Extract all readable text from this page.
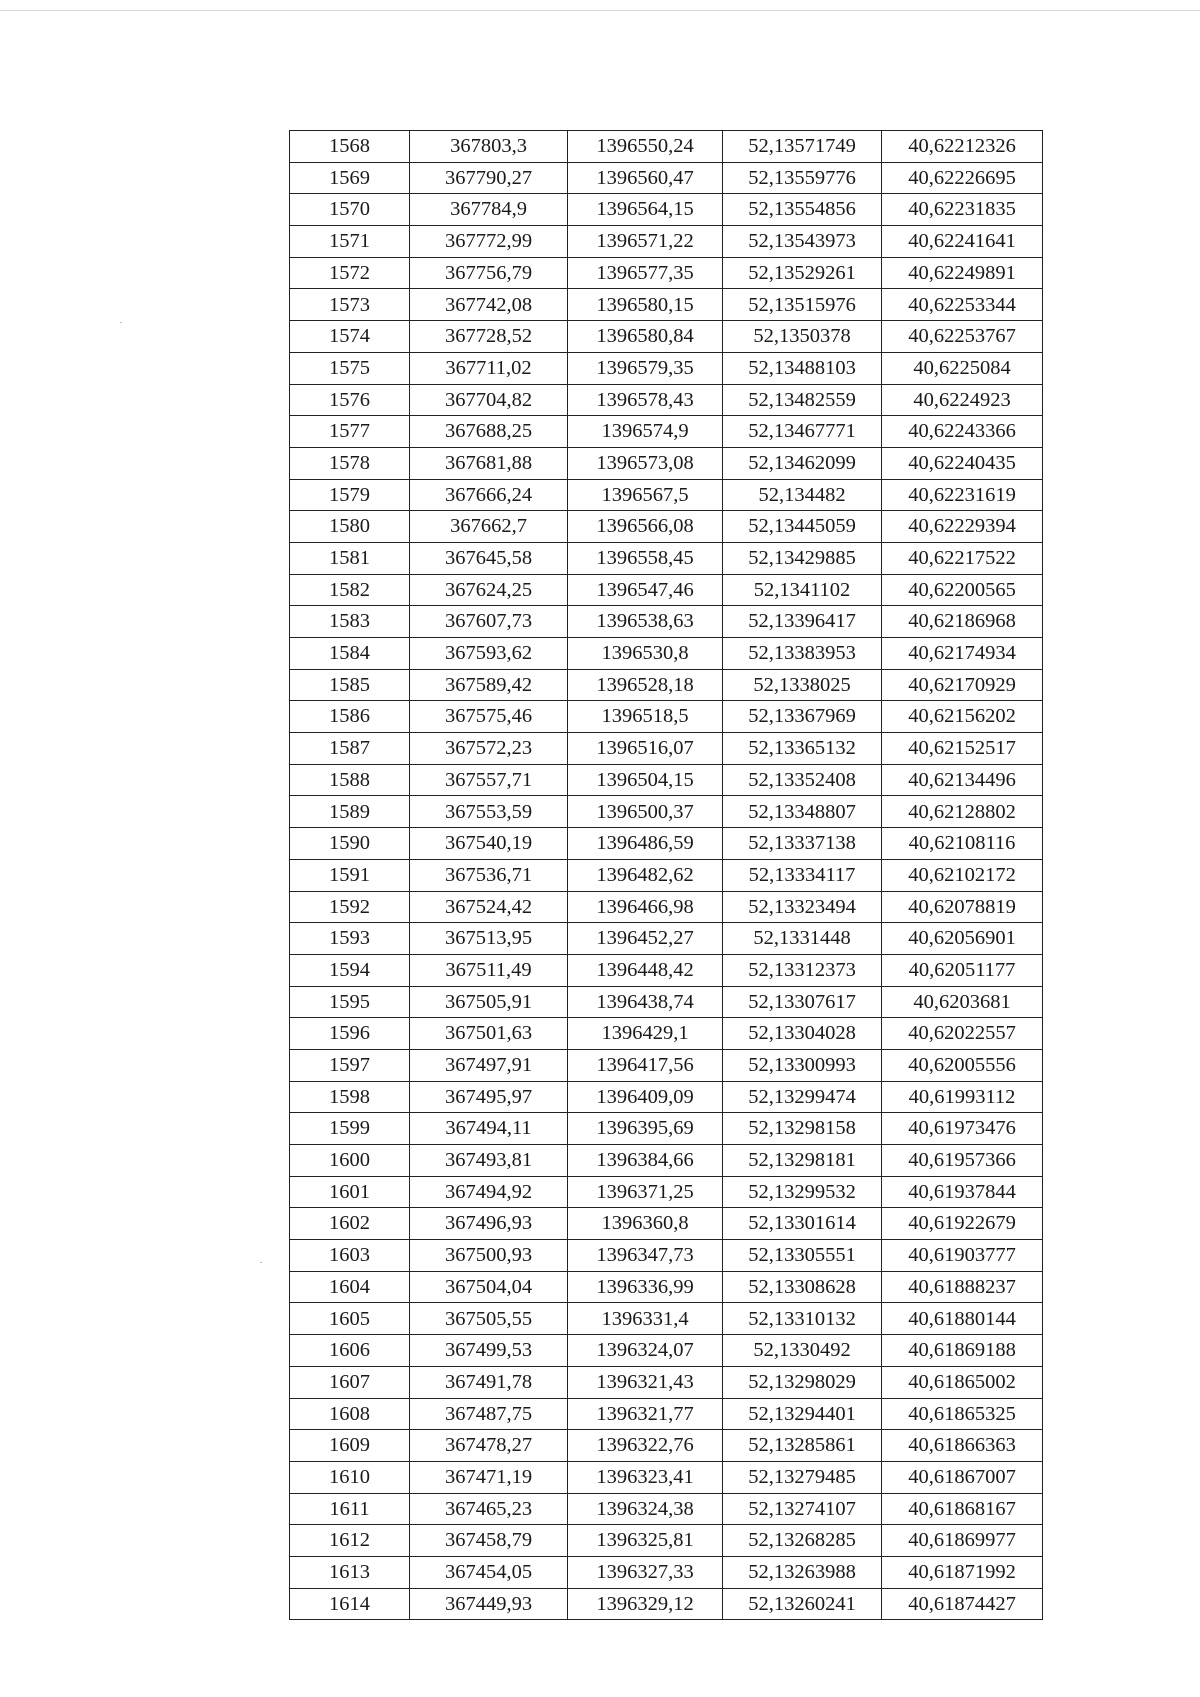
1568	367803,3	1396550,24	52,13571749	40,62212326
1569	367790,27	1396560,47	52,13559776	40,62226695
1570	367784,9	1396564,15	52,13554856	40,62231835
1571	367772,99	1396571,22	52,13543973	40,62241641
1572	367756,79	1396577,35	52,13529261	40,62249891
1573	367742,08	1396580,15	52,13515976	40,62253344
1574	367728,52	1396580,84	52,1350378	40,62253767
1575	367711,02	1396579,35	52,13488103	40,6225084
1576	367704,82	1396578,43	52,13482559	40,6224923
1577	367688,25	1396574,9	52,13467771	40,62243366
1578	367681,88	1396573,08	52,13462099	40,62240435
1579	367666,24	1396567,5	52,134482	40,62231619
1580	367662,7	1396566,08	52,13445059	40,62229394
1581	367645,58	1396558,45	52,13429885	40,62217522
1582	367624,25	1396547,46	52,1341102	40,62200565
1583	367607,73	1396538,63	52,13396417	40,62186968
1584	367593,62	1396530,8	52,13383953	40,62174934
1585	367589,42	1396528,18	52,1338025	40,62170929
1586	367575,46	1396518,5	52,13367969	40,62156202
1587	367572,23	1396516,07	52,13365132	40,62152517
1588	367557,71	1396504,15	52,13352408	40,62134496
1589	367553,59	1396500,37	52,13348807	40,62128802
1590	367540,19	1396486,59	52,13337138	40,62108116
1591	367536,71	1396482,62	52,13334117	40,62102172
1592	367524,42	1396466,98	52,13323494	40,62078819
1593	367513,95	1396452,27	52,1331448	40,62056901
1594	367511,49	1396448,42	52,13312373	40,62051177
1595	367505,91	1396438,74	52,13307617	40,6203681
1596	367501,63	1396429,1	52,13304028	40,62022557
1597	367497,91	1396417,56	52,13300993	40,62005556
1598	367495,97	1396409,09	52,13299474	40,61993112
1599	367494,11	1396395,69	52,13298158	40,61973476
1600	367493,81	1396384,66	52,13298181	40,61957366
1601	367494,92	1396371,25	52,13299532	40,61937844
1602	367496,93	1396360,8	52,13301614	40,61922679
1603	367500,93	1396347,73	52,13305551	40,61903777
1604	367504,04	1396336,99	52,13308628	40,61888237
1605	367505,55	1396331,4	52,13310132	40,61880144
1606	367499,53	1396324,07	52,1330492	40,61869188
1607	367491,78	1396321,43	52,13298029	40,61865002
1608	367487,75	1396321,77	52,13294401	40,61865325
1609	367478,27	1396322,76	52,13285861	40,61866363
1610	367471,19	1396323,41	52,13279485	40,61867007
1611	367465,23	1396324,38	52,13274107	40,61868167
1612	367458,79	1396325,81	52,13268285	40,61869977
1613	367454,05	1396327,33	52,13263988	40,61871992
1614	367449,93	1396329,12	52,13260241	40,61874427
